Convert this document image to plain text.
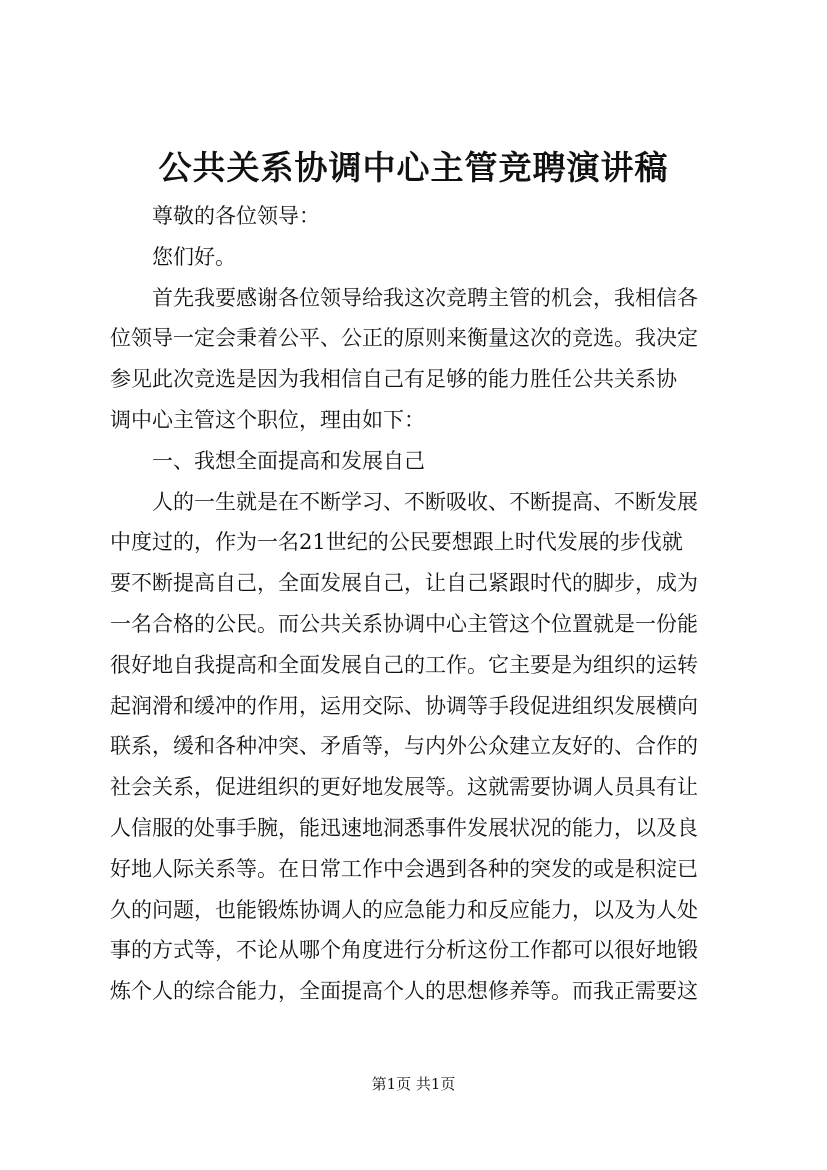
公共关系协调中心主管竞聘演讲稿
尊敬的各位领导：
您们好。
首先我要感谢各位领导给我这次竞聘主管的机会，我相信各
位领导一定会秉着公平、公正的原则来衡量这次的竞选。我决定
参见此次竞选是因为我相信自己有足够的能力胜任公共关系协
调中心主管这个职位，理由如下：
一、我想全面提高和发展自己
人的一生就是在不断学习、不断吸收、不断提高、不断发展
中度过的，作为一名21世纪的公民要想跟上时代发展的步伐就
要不断提高自己，全面发展自己，让自己紧跟时代的脚步，成为
一名合格的公民。而公共关系协调中心主管这个位置就是一份能
很好地自我提高和全面发展自己的工作。它主要是为组织的运转
起润滑和缓冲的作用，运用交际、协调等手段促进组织发展横向
联系，缓和各种冲突、矛盾等，与内外公众建立友好的、合作的
社会关系，促进组织的更好地发展等。这就需要协调人员具有让
人信服的处事手腕，能迅速地洞悉事件发展状况的能力，以及良
好地人际关系等。在日常工作中会遇到各种的突发的或是积淀已
久的问题，也能锻炼协调人的应急能力和反应能力，以及为人处
事的方式等，不论从哪个角度进行分析这份工作都可以很好地锻
炼个人的综合能力，全面提高个人的思想修养等。而我正需要这
第1页 共1页
